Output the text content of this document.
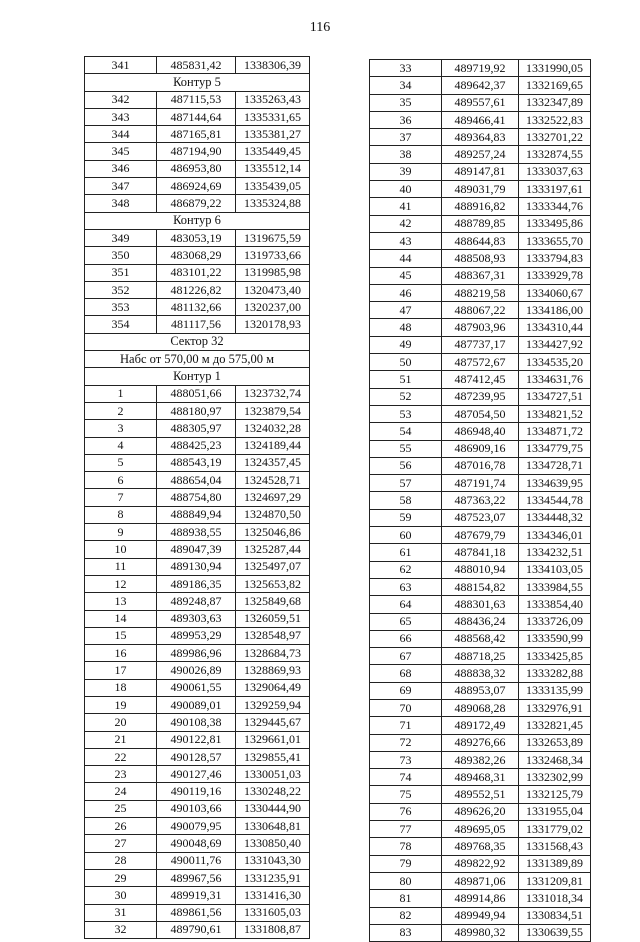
116
341	485831,42	1338306,39
Контур 5		
342	487115,53	1335263,43
343	487144,64	1335331,65
344	487165,81	1335381,27
345	487194,90	1335449,45
346	486953,80	1335512,14
347	486924,69	1335439,05
348	486879,22	1335324,88
Контур 6		
349	483053,19	1319675,59
350	483068,29	1319733,66
351	483101,22	1319985,98
352	481226,82	1320473,40
353	481132,66	1320237,00
354	481117,56	1320178,93
Сектор 32		
Набс от 570,00 м до 575,00 м		
Контур 1		
1	488051,66	1323732,74
2	488180,97	1323879,54
3	488305,97	1324032,28
4	488425,23	1324189,44
5	488543,19	1324357,45
6	488654,04	1324528,71
7	488754,80	1324697,29
8	488849,94	1324870,50
9	488938,55	1325046,86
10	489047,39	1325287,44
11	489130,94	1325497,07
12	489186,35	1325653,82
13	489248,87	1325849,68
14	489303,63	1326059,51
15	489953,29	1328548,97
16	489986,96	1328684,73
17	490026,89	1328869,93
18	490061,55	1329064,49
19	490089,01	1329259,94
20	490108,38	1329445,67
21	490122,81	1329661,01
22	490128,57	1329855,41
23	490127,46	1330051,03
24	490119,16	1330248,22
25	490103,66	1330444,90
26	490079,95	1330648,81
27	490048,69	1330850,40
28	490011,76	1331043,30
29	489967,56	1331235,91
30	489919,31	1331416,30
31	489861,56	1331605,03
32	489790,61	1331808,87
33	489719,92	1331990,05
34	489642,37	1332169,65
35	489557,61	1332347,89
36	489466,41	1332522,83
37	489364,83	1332701,22
38	489257,24	1332874,55
39	489147,81	1333037,63
40	489031,79	1333197,61
41	488916,82	1333344,76
42	488789,85	1333495,86
43	488644,83	1333655,70
44	488508,93	1333794,83
45	488367,31	1333929,78
46	488219,58	1334060,67
47	488067,22	1334186,00
48	487903,96	1334310,44
49	487737,17	1334427,92
50	487572,67	1334535,20
51	487412,45	1334631,76
52	487239,95	1334727,51
53	487054,50	1334821,52
54	486948,40	1334871,72
55	486909,16	1334779,75
56	487016,78	1334728,71
57	487191,74	1334639,95
58	487363,22	1334544,78
59	487523,07	1334448,32
60	487679,79	1334346,01
61	487841,18	1334232,51
62	488010,94	1334103,05
63	488154,82	1333984,55
64	488301,63	1333854,40
65	488436,24	1333726,09
66	488568,42	1333590,99
67	488718,25	1333425,85
68	488838,32	1333282,88
69	488953,07	1333135,99
70	489068,28	1332976,91
71	489172,49	1332821,45
72	489276,66	1332653,89
73	489382,26	1332468,34
74	489468,31	1332302,99
75	489552,51	1332125,79
76	489626,20	1331955,04
77	489695,05	1331779,02
78	489768,35	1331568,43
79	489822,92	1331389,89
80	489871,06	1331209,81
81	489914,86	1331018,34
82	489949,94	1330834,51
83	489980,32	1330639,55
